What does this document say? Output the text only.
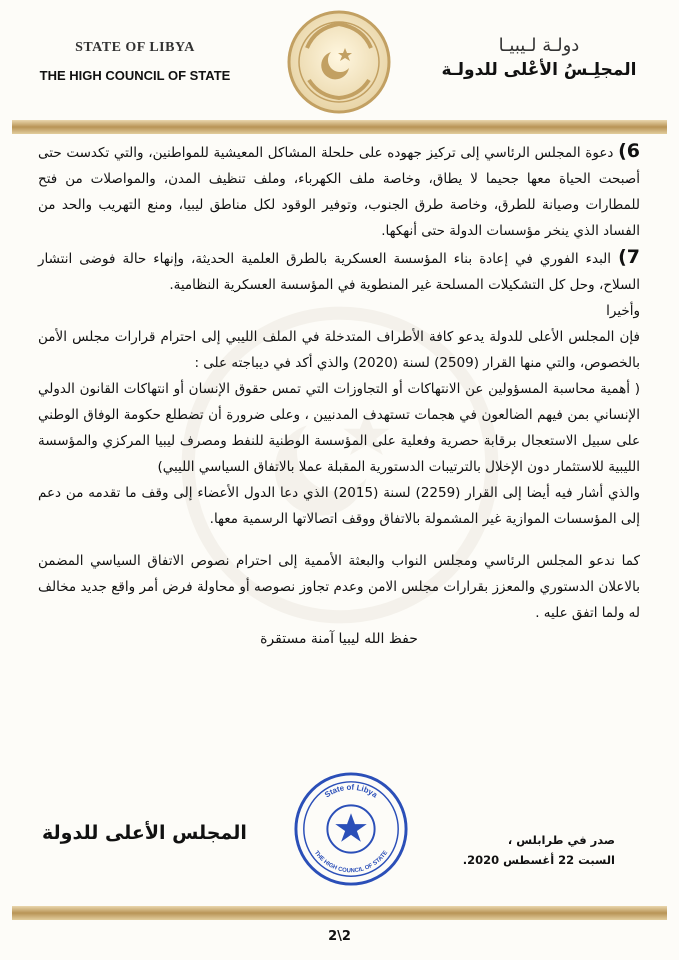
STATE OF LIBYA
THE HIGH COUNCIL OF STATE
دولـة لـيبيـا
المجلِـسُ الأعْلى للدولـة

6) دعوة المجلس الرئاسي إلى تركيز جهوده على حلحلة المشاكل المعيشية للمواطنين، والتي تكدست حتى أصبحت الحياة معها جحيما لا يطاق، وخاصة ملف الكهرباء، وملف تنظيف المدن، والمواصلات من فتح للمطارات وصيانة للطرق، وخاصة طرق الجنوب، وتوفير الوقود لكل مناطق ليبيا، ومنع التهريب والحد من الفساد الذي ينخر مؤسسات الدولة حتى أنهكها.

7) البدء الفوري في إعادة بناء المؤسسة العسكرية بالطرق العلمية الحديثة، وإنهاء حالة فوضى انتشار السلاح، وحل كل التشكيلات المسلحة غير المنطوية في المؤسسة العسكرية النظامية.

وأخيرا

فإن المجلس الأعلى للدولة يدعو كافة الأطراف المتدخلة في الملف الليبي إلى احترام قرارات مجلس الأمن بالخصوص، والتي منها القرار (2509) لسنة (2020) والذي أكد في ديباجته على :

( أهمية محاسبة المسؤولين عن الانتهاكات أو التجاوزات التي تمس حقوق الإنسان أو انتهاكات القانون الدولي الإنساني بمن فيهم الضالعون في هجمات تستهدف المدنيين ، وعلى ضرورة أن تضطلع حكومة الوفاق الوطني على سبيل الاستعجال برقابة حصرية وفعلية على المؤسسة الوطنية للنفط ومصرف ليبيا المركزي والمؤسسة الليبية للاستثمار دون الإخلال بالترتيبات الدستورية المقبلة عملا بالاتفاق السياسي الليبي)

والذي أشار فيه أيضا إلى القرار (2259) لسنة (2015) الذي دعا الدول الأعضاء إلى وقف ما تقدمه من دعم إلى المؤسسات الموازية غير المشمولة بالاتفاق ووقف اتصالاتها الرسمية معها.

كما ندعو المجلس الرئاسي ومجلس النواب والبعثة الأممية إلى احترام نصوص الاتفاق السياسي المضمن بالاعلان الدستوري والمعزز بقرارات مجلس الامن وعدم تجاوز نصوصه أو محاولة فرض أمر واقع جديد مخالف له ولما اتفق عليه .

حفظ الله ليبيا آمنة مستقرة

State of Libya
THE HIGH COUNCIL OF STATE
المجلس الأعلى للدولة	صدر في طرابلس ،
السبت 22 أغسطس 2020.
2\2
